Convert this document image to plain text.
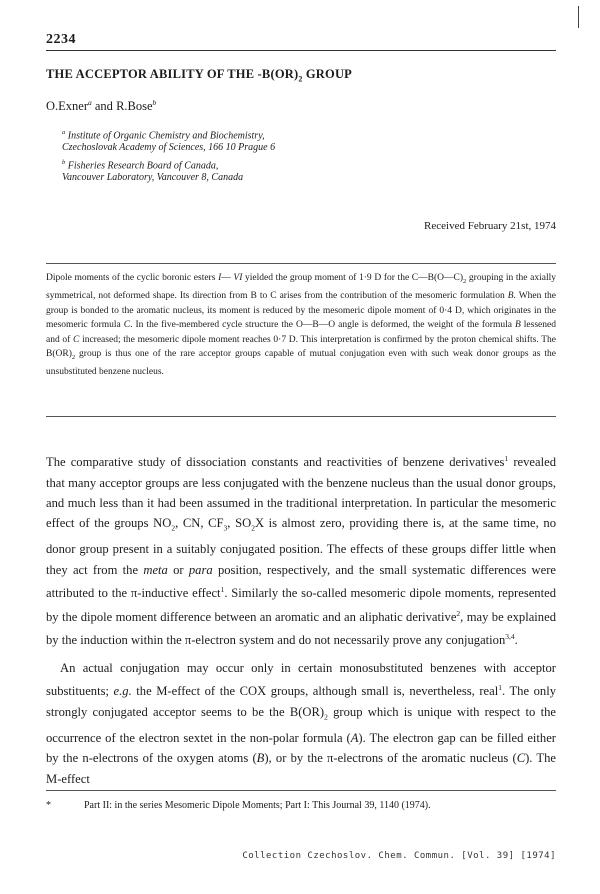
2234
THE ACCEPTOR ABILITY OF THE $-B(OR)_2$ GROUP
O.Exner$^a$ and R.Bose$^b$
$^a$ Institute of Organic Chemistry and Biochemistry,
Czechoslovak Academy of Sciences, 166 10 Prague 6
$^b$ Fisheries Research Board of Canada,
Vancouver Laboratory, Vancouver 8, Canada
Received February 21st, 1974
Dipole moments of the cyclic boronic esters I— VI yielded the group moment of 1·9 D for the $C—B(O—C)_2$ grouping in the axially symmetrical, not deformed shape. Its direction from B to C arises from the contribution of the mesomeric formulation B. When the group is bonded to the aromatic nucleus, its moment is reduced by the mesomeric dipole moment of 0·4 D, which originates in the mesomeric formula C. In the five-membered cycle structure the O—B—O angle is deformed, the weight of the formula B lessened and of C increased; the mesomeric dipole moment reaches 0·7 D. This interpretation is confirmed by the proton chemical shifts. The $B(OR)_2$ group is thus one of the rare acceptor groups capable of mutual conjugation even with such weak donor groups as the unsubstituted benzene nucleus.
The comparative study of dissociation constants and reactivities of benzene derivatives$^1$ revealed that many acceptor groups are less conjugated with the benzene nucleus than the usual donor groups, and much less than it had been assumed in the traditional interpretation. In particular the mesomeric effect of the groups $NO_2$, CN, $CF_3$, $SO_2X$ is almost zero, providing there is, at the same time, no donor group present in a suitably conjugated position. The effects of these groups differ little when they act from the meta or para position, respectively, and the small systematic differences were attributed to the π-inductive effect$^1$. Similarly the so-called mesomeric dipole moments, represented by the dipole moment difference between an aromatic and an aliphatic derivative$^2$, may be explained by the induction within the π-electron system and do not necessarily prove any conjugation$^{3,4}$.
An actual conjugation may occur only in certain monosubstituted benzenes with acceptor substituents; e.g. the M-effect of the COX groups, although small is, nevertheless, real$^1$. The only strongly conjugated acceptor seems to be the $B(OR)_2$ group which is unique with respect to the occurrence of the electron sextet in the non-polar formula (A). The electron gap can be filled either by the n-electrons of the oxygen atoms (B), or by the π-electrons of the aromatic nucleus (C). The M-effect
*	Part II: in the series Mesomeric Dipole Moments; Part I: This Journal 39, 1140 (1974).
Collection Czechoslov. Chem. Commun. [Vol. 39] [1974]
